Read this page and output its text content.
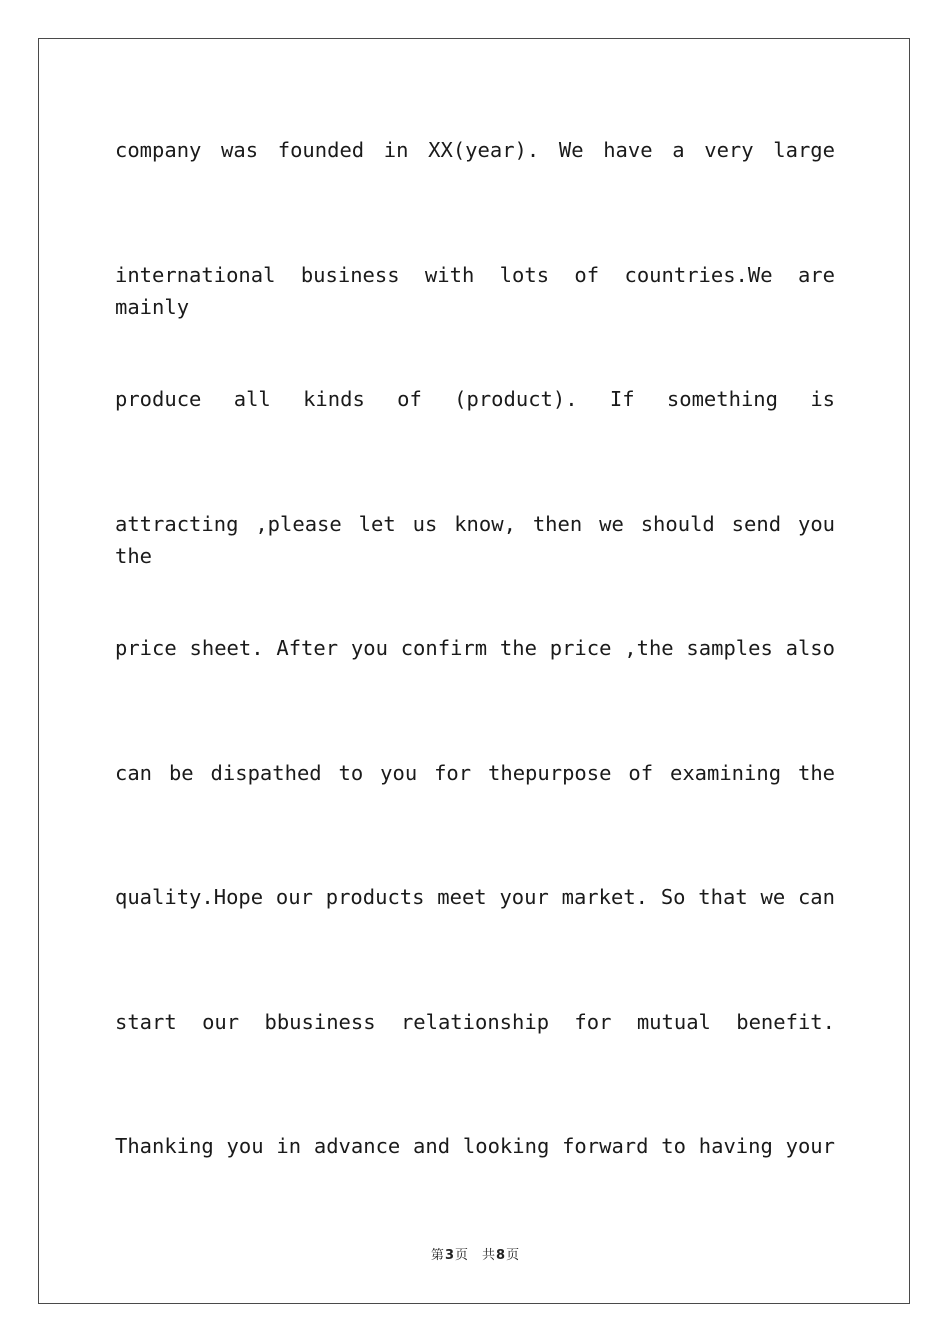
company was founded in XX(year). We have a very large
international business with lots of countries.We are mainly
produce all kinds of (product). If something is
attracting ,please let us know, then we should send you the
price sheet. After you confirm the price ,the samples also
can be dispathed to you for thepurpose of examining the
quality.Hope our products meet your market. So that we can
start our bbusiness relationship for mutual benefit.
Thanking you in advance and looking forward to having your
第3页 共8页
